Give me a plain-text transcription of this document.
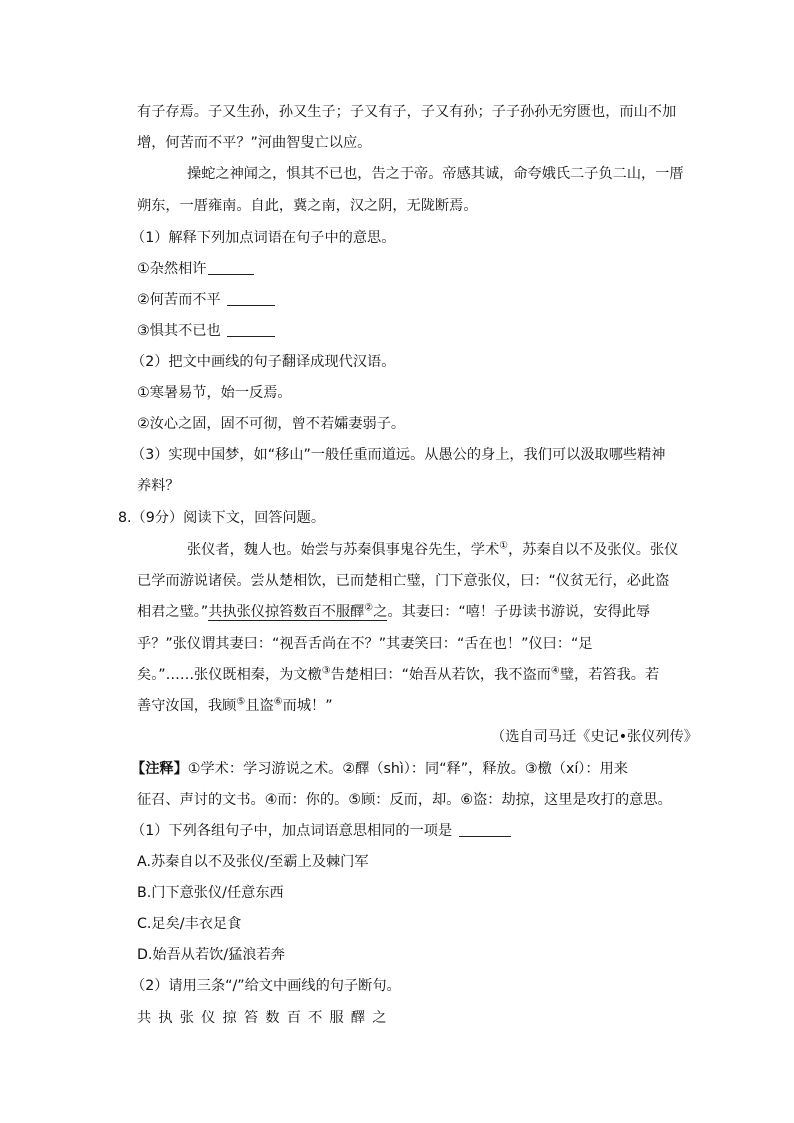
有子存焉。子又生孙，孙又生子；子又有子，子又有孙；子子孙孙无穷匮也，而山不加
增，何苦而不平？”河曲智叟亡以应。
操蛇之神闻之，惧其不已也，告之于帝。帝感其诚，命夸娥氏二子负二山，一厝
朔东，一厝雍南。自此，冀之南，汉之阴，无陇断焉。
（1）解释下列加点词语在句子中的意思。
①杂然相许
②何苦而不平
③惧其不已也
（2）把文中画线的句子翻译成现代汉语。
①寒暑易节，始一反焉。
②汝心之固，固不可彻，曾不若孀妻弱子。
（3）实现中国梦，如“移山”一般任重而道远。从愚公的身上，我们可以汲取哪些精神
养料？
8.（9分）阅读下文，回答问题。
张仪者，魏人也。始尝与苏秦俱事鬼谷先生，学术①，苏秦自以不及张仪。张仪
已学而游说诸侯。尝从楚相饮，已而楚相亡璧，门下意张仪，曰：“仪贫无行，必此盗
相君之璧。”共执张仪掠笞数百不服醳②之。其妻曰：“嘻！子毋读书游说，安得此辱
乎？”张仪谓其妻曰：“视吾舌尚在不？”其妻笑曰：“舌在也！”仪曰：“足
矣。”……张仪既相秦，为文檄③告楚相曰：“始吾从若饮，我不盗而④璧，若笞我。若
善守汝国，我顾⑤且盗⑥而城！”
（选自司马迁《史记•张仪列传》
【注释】①学术：学习游说之术。②醳（shì）：同“释”，释放。③檄（xí）：用来
征召、声讨的文书。④而：你的。⑤顾：反而，却。⑥盗：劫掠，这里是攻打的意思。
（1）下列各组句子中，加点词语意思相同的一项是
A.苏秦自以不及张仪/至霸上及棘门军
B.门下意张仪/任意东西
C.足矣/丰衣足食
D.始吾从若饮/猛浪若奔
（2）请用三条“/”给文中画线的句子断句。
共执张仪掠笞数百不服醳之
